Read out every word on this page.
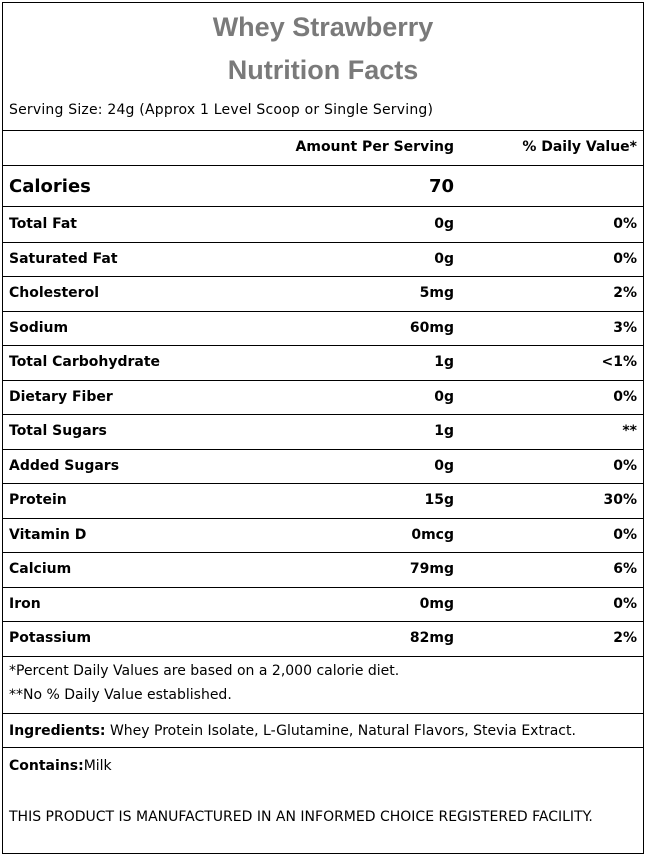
Whey Strawberry
Nutrition Facts
Serving Size: 24g (Approx 1 Level Scoop or Single Serving)
Amount Per Serving	% Daily Value*
Calories	70
Total Fat	0g	0%
Saturated Fat	0g	0%
Cholesterol	5mg	2%
Sodium	60mg	3%
Total Carbohydrate	1g	<1%
Dietary Fiber	0g	0%
Total Sugars	1g	**
Added Sugars	0g	0%
Protein	15g	30%
Vitamin D	0mcg	0%
Calcium	79mg	6%
Iron	0mg	0%
Potassium	82mg	2%
*Percent Daily Values are based on a 2,000 calorie diet.
**No % Daily Value established.
Ingredients: Whey Protein Isolate, L-Glutamine, Natural Flavors, Stevia Extract.
Contains:Milk
THIS PRODUCT IS MANUFACTURED IN AN INFORMED CHOICE REGISTERED FACILITY.
